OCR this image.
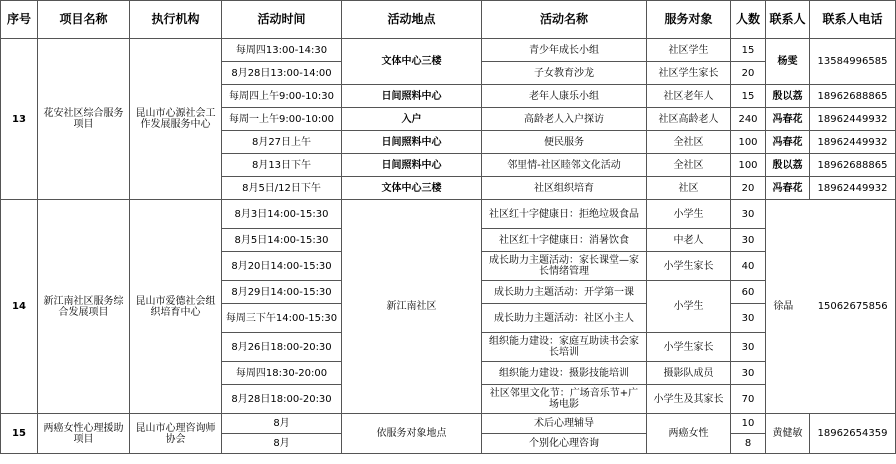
序号	项目名称	执行机构	活动时间	活动地点	活动名称	服务对象	人数	联系人	联系人电话
13	花安社区综合服务项目	昆山市心源社会工作发展服务中心	每周四13:00-14:30	文体中心三楼	青少年成长小组	社区学生	15	杨雯	13584996585
			8月28日13:00-14:00		子女教育沙龙	社区学生家长	20		
			每周四上午9:00-10:30	日间照料中心	老年人康乐小组	社区老年人	15	殷以荔	18962688865
			每周一上午9:00-10:00	入户	高龄老人入户探访	社区高龄老人	240	冯春花	18962449932
			8月27日上午	日间照料中心	便民服务	全社区	100	冯春花	18962449932
			8月13日下午	日间照料中心	邻里情-社区睦邻文化活动	全社区	100	殷以荔	18962688865
			8月5日/12日下午	文体中心三楼	社区组织培育	社区	20	冯春花	18962449932
14	新江南社区服务综合发展项目	昆山市爱德社会组织培育中心	8月3日14:00-15:30	新江南社区	社区红十字健康日：拒绝垃圾食品	小学生	30	徐晶 15062675856	
			8月5日14:00-15:30		社区红十字健康日：消暑饮食	中老人	30		
			8月20日14:00-15:30		成长助力主题活动：家长课堂—家长情绪管理	小学生家长	40		
			8月29日14:00-15:30		成长助力主题活动：开学第一课	小学生	60		
			每周三下午14:00-15:30		成长助力主题活动：社区小主人		30		
			8月26日18:00-20:30		组织能力建设：家庭互助读书会家长培训	小学生家长	30		
			每周四18:30-20:00		组织能力建设：摄影技能培训	摄影队成员	30		
			8月28日18:00-20:30		社区邻里文化节：广场音乐节+广场电影	小学生及其家长	70		
15	两癌女性心理援助项目	昆山市心理咨询师协会	8月	依服务对象地点	术后心理辅导	两癌女性	10	黄健敏	18962654359
			8月		个别化心理咨询		8		
